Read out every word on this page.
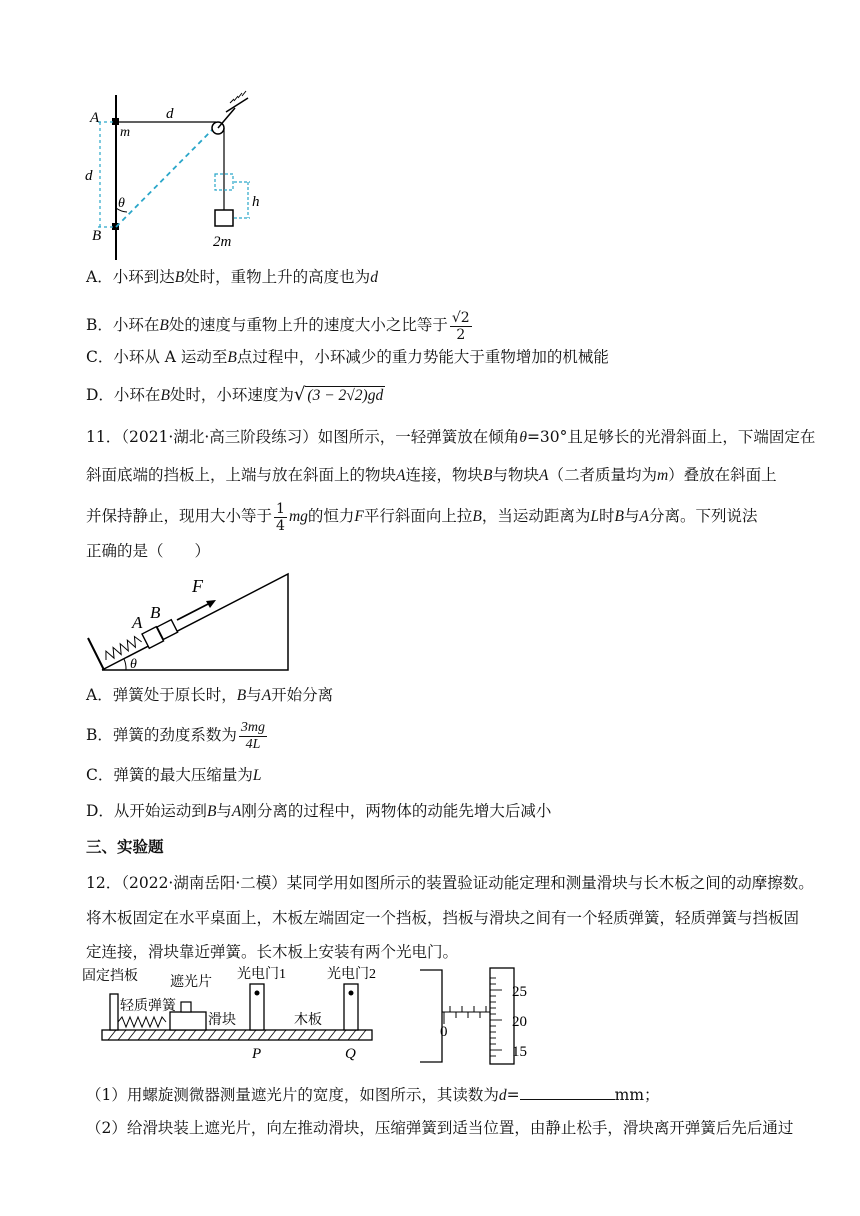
A
m
d
d
θ
B
h
2m
A．小环到达B处时，重物上升的高度也为d
B．小环在B处的速度与重物上升的速度大小之比等于 $\frac{√2}{2}$
C．小环从 A 运动至B点过程中，小环减少的重力势能大于重物增加的机械能
D．小环在B处时，小环速度为√ (3 − 2√2)gd
11．（2021·湖北·高三阶段练习）如图所示，一轻弹簧放在倾角θ=30°且足够长的光滑斜面上，下端固定在
斜面底端的挡板上，上端与放在斜面上的物块A连接，物块B与物块A（二者质量均为m）叠放在斜面上
并保持静止，现用大小等于 $\frac{1}{4}$ mg的恒力F平行斜面向上拉B，当运动距离为L时B与A分离。下列说法
正确的是（　　）
A
B
F
θ
A．弹簧处于原长时，B与A开始分离
B．弹簧的劲度系数为 $\frac{3mg}{4L}$
C．弹簧的最大压缩量为L
D．从开始运动到B与A刚分离的过程中，两物体的动能先增大后减小
三、实验题
12．（2022·湖南岳阳·二模）某同学用如图所示的装置验证动能定理和测量滑块与长木板之间的动摩擦数。
将木板固定在水平桌面上，木板左端固定一个挡板，挡板与滑块之间有一个轻质弹簧，轻质弹簧与挡板固
定连接，滑块靠近弹簧。长木板上安装有两个光电门。
固定挡板 遮光片
光电门1	光电门2
轻质弹簧
滑块	木板
P	Q
25
20
15
0
（1）用螺旋测微器测量遮光片的宽度，如图所示，其读数为d=	mm；
（2）给滑块装上遮光片，向左推动滑块，压缩弹簧到适当位置，由静止松手，滑块离开弹簧后先后通过
